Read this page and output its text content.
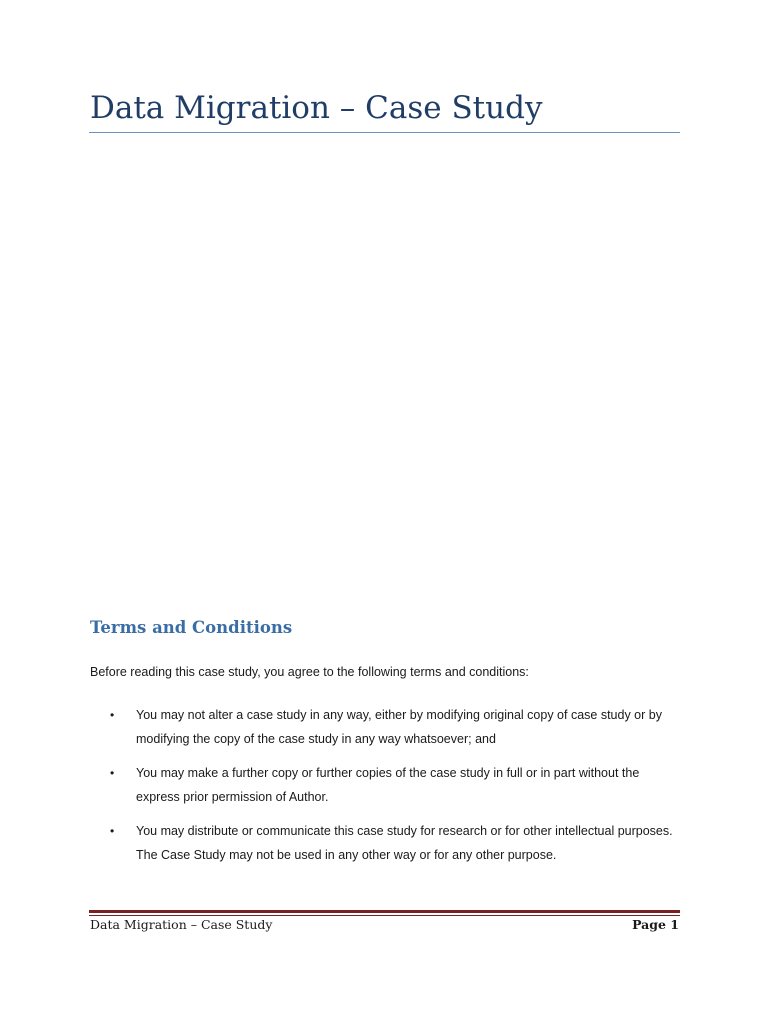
Data Migration – Case Study
Terms and Conditions

Before reading this case study, you agree to the following terms and conditions:

• You may not alter a case study in any way, either by modifying original copy of case study or by modifying the copy of the case study in any way whatsoever; and
• You may make a further copy or further copies of the case study in full or in part without the express prior permission of Author.
• You may distribute or communicate this case study for research or for other intellectual purposes. The Case Study may not be used in any other way or for any other purpose.

Data Migration – Case Study	Page 1
